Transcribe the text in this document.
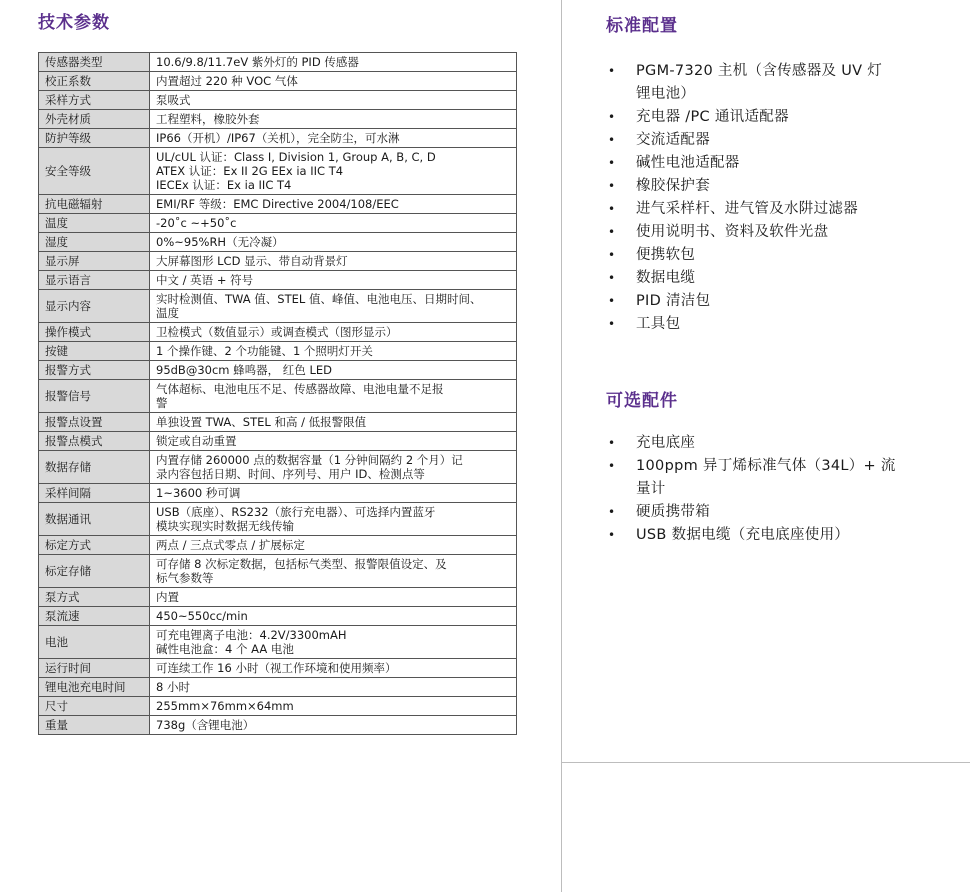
技术参数
传感器类型	10.6/9.8/11.7eV 紫外灯的 PID 传感器

校正系数	内置超过 220 种 VOC 气体

采样方式	泵吸式

外壳材质	工程塑料，橡胶外套

防护等级	IP66（开机）/IP67（关机），完全防尘，可水淋

安全等级	UL/cUL 认证：Class I, Division 1, Group A, B, C, D
ATEX 认证：Ex II 2G EEx ia IIC T4
IECEx 认证：Ex ia IIC T4

抗电磁辐射	EMI/RF 等级：EMC Directive 2004/108/EEC

温度	-20˚c ~+50˚c

湿度	0%~95%RH（无冷凝）

显示屏	大屏幕图形 LCD 显示、带自动背景灯

显示语言	中文 / 英语 + 符号

显示内容	实时检测值、TWA 值、STEL 值、峰值、电池电压、日期时间、
温度

操作模式	卫检模式（数值显示）或调查模式（图形显示）

按键	1 个操作键、2 个功能键、1 个照明灯开关

报警方式	95dB@30cm 蜂鸣器， 红色 LED

报警信号	气体超标、电池电压不足、传感器故障、电池电量不足报
警

报警点设置	单独设置 TWA、STEL 和高 / 低报警限值

报警点模式	锁定或自动重置

数据存储	内置存储 260000 点的数据容量（1 分钟间隔约 2 个月）记
录内容包括日期、时间、序列号、用户 ID、检测点等

采样间隔	1~3600 秒可调

数据通讯	USB（底座）、RS232（旅行充电器）、可选择内置蓝牙
模块实现实时数据无线传输

标定方式	两点 / 三点式零点 / 扩展标定

标定存储	可存储 8 次标定数据，包括标气类型、报警限值设定、及
标气参数等

泵方式	内置

泵流速	450~550cc/min

电池	可充电锂离子电池：4.2V/3300mAH
碱性电池盒：4 个 AA 电池

运行时间	可连续工作 16 小时（视工作环境和使用频率）

锂电池充电时间	8 小时

尺寸	255mm×76mm×64mm

重量	738g（含锂电池）
标准配置
• PGM-7320 主机（含传感器及 UV 灯
锂电池）
• 充电器 /PC 通讯适配器
• 交流适配器
• 碱性电池适配器
• 橡胶保护套
• 进气采样杆、进气管及水阱过滤器
• 使用说明书、资料及软件光盘
• 便携软包
• 数据电缆
• PID 清洁包
• 工具包
可选配件
• 充电底座
• 100ppm 异丁烯标准气体（34L）+ 流
量计
• 硬质携带箱
• USB 数据电缆（充电底座使用）
